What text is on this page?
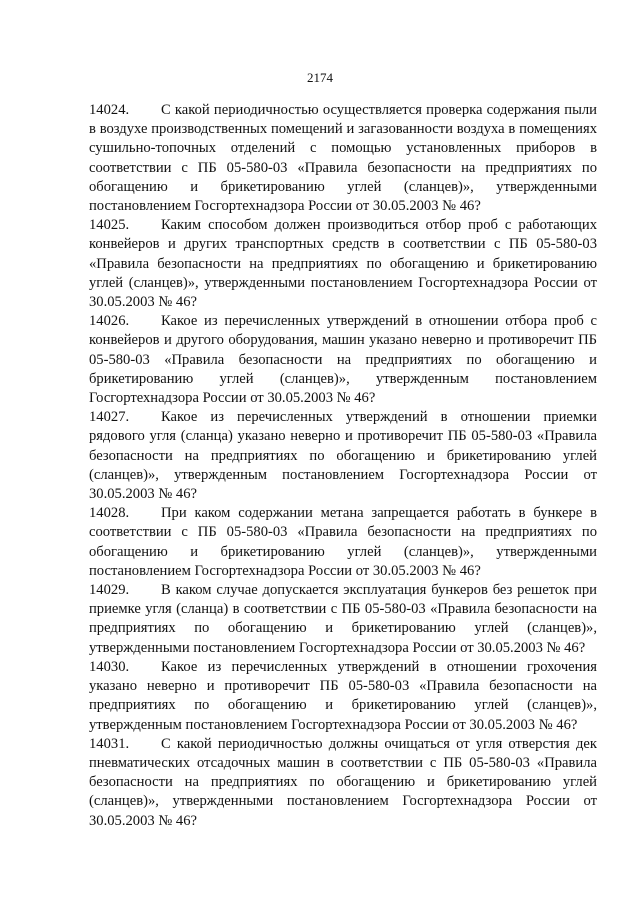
2174

14024. С какой периодичностью осуществляется проверка содержания пыли в воздухе производственных помещений и загазованности воздуха в помещениях сушильно-топочных отделений с помощью установленных приборов в соответствии с ПБ 05-580-03 «Правила безопасности на предприятиях по обогащению и брикетированию углей (сланцев)», утвержденными постановлением Госгортехнадзора России от 30.05.2003 № 46?

14025. Каким способом должен производиться отбор проб с работающих конвейеров и других транспортных средств в соответствии с ПБ 05-580-03 «Правила безопасности на предприятиях по обогащению и брикетированию углей (сланцев)», утвержденными постановлением Госгортехнадзора России от 30.05.2003 № 46?

14026. Какое из перечисленных утверждений в отношении отбора проб с конвейеров и другого оборудования, машин указано неверно и противоречит ПБ 05-580-03 «Правила безопасности на предприятиях по обогащению и брикетированию углей (сланцев)», утвержденным постановлением Госгортехнадзора России от 30.05.2003 № 46?

14027. Какое из перечисленных утверждений в отношении приемки рядового угля (сланца) указано неверно и противоречит ПБ 05-580-03 «Правила безопасности на предприятиях по обогащению и брикетированию углей (сланцев)», утвержденным постановлением Госгортехнадзора России от 30.05.2003 № 46?

14028. При каком содержании метана запрещается работать в бункере в соответствии с ПБ 05-580-03 «Правила безопасности на предприятиях по обогащению и брикетированию углей (сланцев)», утвержденными постановлением Госгортехнадзора России от 30.05.2003 № 46?

14029. В каком случае допускается эксплуатация бункеров без решеток при приемке угля (сланца) в соответствии с ПБ 05-580-03 «Правила безопасности на предприятиях по обогащению и брикетированию углей (сланцев)», утвержденными постановлением Госгортехнадзора России от 30.05.2003 № 46?

14030. Какое из перечисленных утверждений в отношении грохочения указано неверно и противоречит ПБ 05-580-03 «Правила безопасности на предприятиях по обогащению и брикетированию углей (сланцев)», утвержденным постановлением Госгортехнадзора России от 30.05.2003 № 46?

14031. С какой периодичностью должны очищаться от угля отверстия дек пневматических отсадочных машин в соответствии с ПБ 05-580-03 «Правила безопасности на предприятиях по обогащению и брикетированию углей (сланцев)», утвержденными постановлением Госгортехнадзора России от 30.05.2003 № 46?
